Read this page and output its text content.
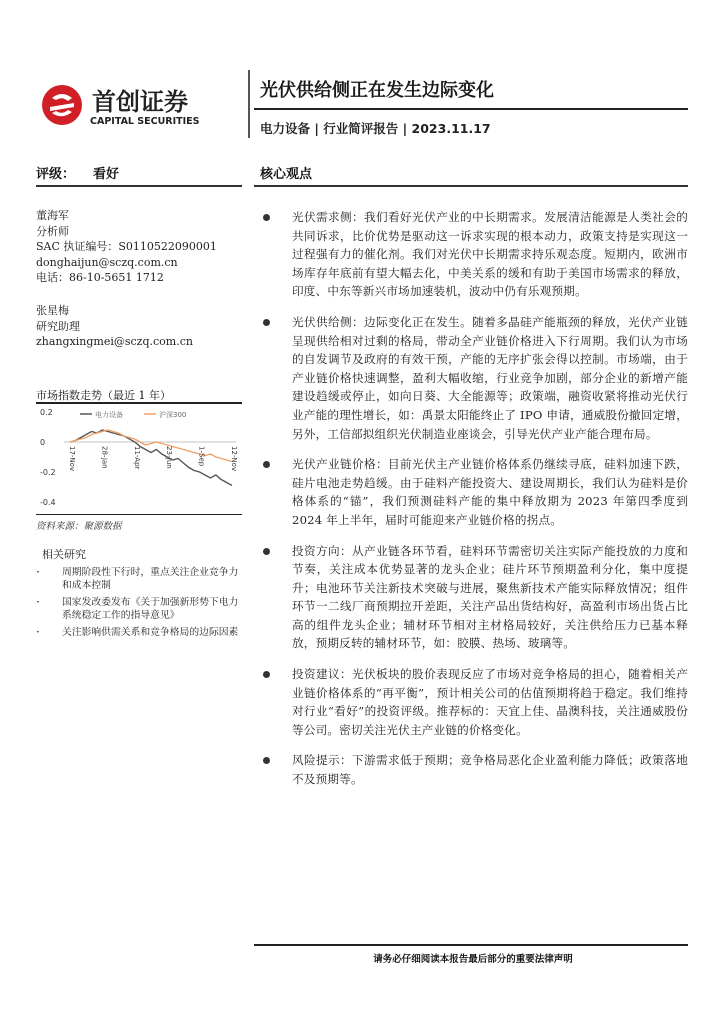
首创证券
CAPITAL SECURITIES
光伏供给侧正在发生边际变化
电力设备 | 行业简评报告 | 2023.11.17
评级： 看好	核心观点
董海军
分析师
SAC 执证编号：S0110522090001
donghaijun@sczq.com.cn
电话：86-10-5651 1712
张星梅
研究助理
zhangxingmei@sczq.com.cn
市场指数走势（最近 1 年）
0.2
0
-0.2
-0.4
电力设备	沪深300
17-Nov	28-Jan	11-Apr	23-Jun	1-Sep	12-Nov
资料来源：聚源数据
相关研究
· 周期阶段性下行时，重点关注企业竞争力和成本控制
· 国家发改委发布《关于加强新形势下电力系统稳定工作的指导意见》
· 关注影响供需关系和竞争格局的边际因素
光伏需求侧：我们看好光伏产业的中长期需求。发展清洁能源是人类社会的共同诉求，比价优势是驱动这一诉求实现的根本动力，政策支持是实现这一过程强有力的催化剂。我们对光伏中长期需求持乐观态度。短期内，欧洲市场库存年底前有望大幅去化，中美关系的缓和有助于美国市场需求的释放，印度、中东等新兴市场加速装机，波动中仍有乐观预期。
光伏供给侧：边际变化正在发生。随着多晶硅产能瓶颈的释放，光伏产业链呈现供给相对过剩的格局，带动全产业链价格进入下行周期。我们认为市场的自发调节及政府的有效干预，产能的无序扩张会得以控制。市场端，由于产业链价格快速调整，盈利大幅收缩，行业竞争加剧，部分企业的新增产能建设趋缓或停止，如向日葵、大全能源等；政策端，融资收紧将推动光伏行业产能的理性增长，如：禹景太阳能终止了 IPO 申请，通威股份撤回定增，另外，工信部拟组织光伏制造业座谈会，引导光伏产业产能合理布局。
光伏产业链价格：目前光伏主产业链价格体系仍继续寻底，硅料加速下跌，硅片电池走势趋缓。由于硅料产能投资大、建设周期长，我们认为硅料是价格体系的“锚”，我们预测硅料产能的集中释放期为 2023 年第四季度到 2024 年上半年，届时可能迎来产业链价格的拐点。
投资方向：从产业链各环节看，硅料环节需密切关注实际产能投放的力度和节奏，关注成本优势显著的龙头企业；硅片环节预期盈利分化，集中度提升；电池环节关注新技术突破与进展，聚焦新技术产能实际释放情况；组件环节一二线厂商预期拉开差距，关注产品出货结构好，高盈利市场出货占比高的组件龙头企业；辅材环节相对主材格局较好，关注供给压力已基本释放，预期反转的辅材环节，如：胶膜、热场、玻璃等。
投资建议：光伏板块的股价表现反应了市场对竞争格局的担心，随着相关产业链价格体系的“再平衡”，预计相关公司的估值预期将趋于稳定。我们维持对行业“看好”的投资评级。推荐标的：天宜上佳、晶澳科技，关注通威股份等公司。密切关注光伏主产业链的价格变化。
风险提示：下游需求低于预期；竞争格局恶化企业盈利能力降低；政策落地不及预期等。
请务必仔细阅读本报告最后部分的重要法律声明
